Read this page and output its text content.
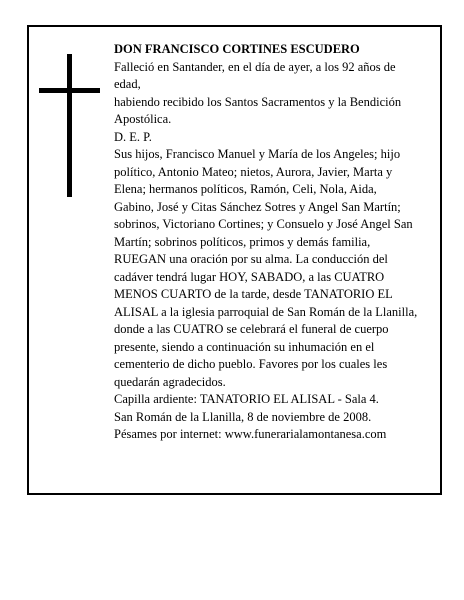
DON FRANCISCO CORTINES ESCUDERO

Falleció en Santander, en el día de ayer, a los 92 años de edad,

habiendo recibido los Santos Sacramentos y la Bendición Apostólica.

D. E. P.

Sus hijos, Francisco Manuel y María de los Angeles; hijo político, Antonio Mateo; nietos, Aurora, Javier, Marta y Elena; hermanos políticos, Ramón, Celi, Nola, Aida, Gabino, José y Citas Sánchez Sotres y Angel San Martín; sobrinos, Victoriano Cortines; y Consuelo y José Angel San Martín; sobrinos políticos, primos y demás familia,

RUEGAN una oración por su alma. La conducción del cadáver tendrá lugar HOY, SABADO, a las CUATRO MENOS CUARTO de la tarde, desde TANATORIO EL ALISAL a la iglesia parroquial de San Román de la Llanilla, donde a las CUATRO se celebrará el funeral de cuerpo presente, siendo a continuación su inhumación en el cementerio de dicho pueblo. Favores por los cuales les quedarán agradecidos.

Capilla ardiente: TANATORIO EL ALISAL - Sala 4.

San Román de la Llanilla, 8 de noviembre de 2008.

Pésames por internet: www.funerarialamontanesa.com
